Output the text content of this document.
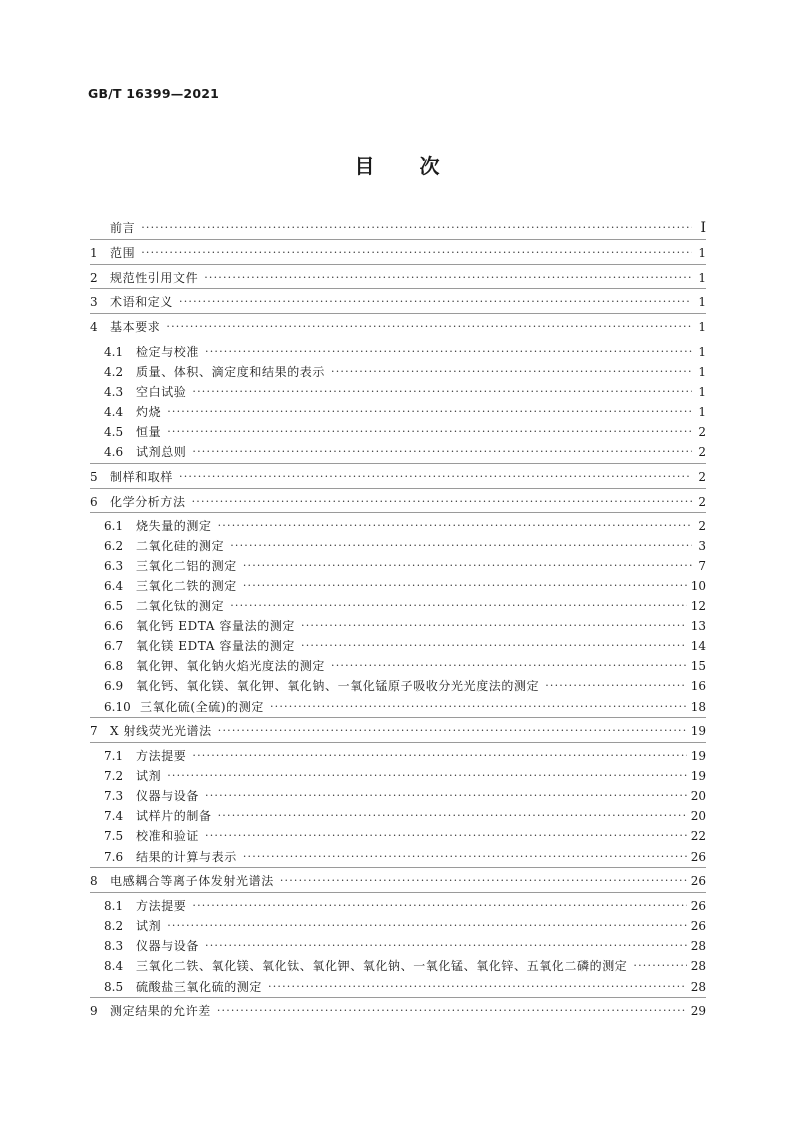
GB/T 16399—2021
目 次
前言 ·····	Ⅰ
1	范围 ·····	1
2	规范性引用文件 ·····	1
3	术语和定义 ·····	1
4	基本要求 ·····	1
4.1	检定与校准 ·····	1
4.2	质量、体积、滴定度和结果的表示 ·····	1
4.3	空白试验 ·····	1
4.4	灼烧 ·····	1
4.5	恒量 ·····	2
4.6	试剂总则 ·····	2
5	制样和取样 ·····	2
6	化学分析方法 ·····	2
6.1	烧失量的测定 ·····	2
6.2	二氧化硅的测定 ·····	3
6.3	三氧化二铝的测定 ·····	7
6.4	三氧化二铁的测定 ·····	10
6.5	二氧化钛的测定 ·····	12
6.6	氧化钙 EDTA 容量法的测定 ·····	13
6.7	氧化镁 EDTA 容量法的测定 ·····	14
6.8	氧化钾、氧化钠火焰光度法的测定 ·····	15
6.9	氧化钙、氧化镁、氧化钾、氧化钠、一氧化锰原子吸收分光光度法的测定 ·····	16
6.10 三氧化硫(全硫)的测定 ·····	18
7	X 射线荧光光谱法 ·····	19
7.1	方法提要 ·····	19
7.2	试剂 ·····	19
7.3	仪器与设备 ·····	20
7.4	试样片的制备 ·····	20
7.5	校准和验证 ·····	22
7.6	结果的计算与表示 ·····	26
8	电感耦合等离子体发射光谱法 ·····	26
8.1	方法提要 ·····	26
8.2	试剂 ·····	26
8.3	仪器与设备 ·····	28
8.4	三氧化二铁、氧化镁、氧化钛、氧化钾、氧化钠、一氧化锰、氧化锌、五氧化二磷的测定 ·····	28
8.5	硫酸盐三氧化硫的测定 ·····	28
9	测定结果的允许差 ·····	29
